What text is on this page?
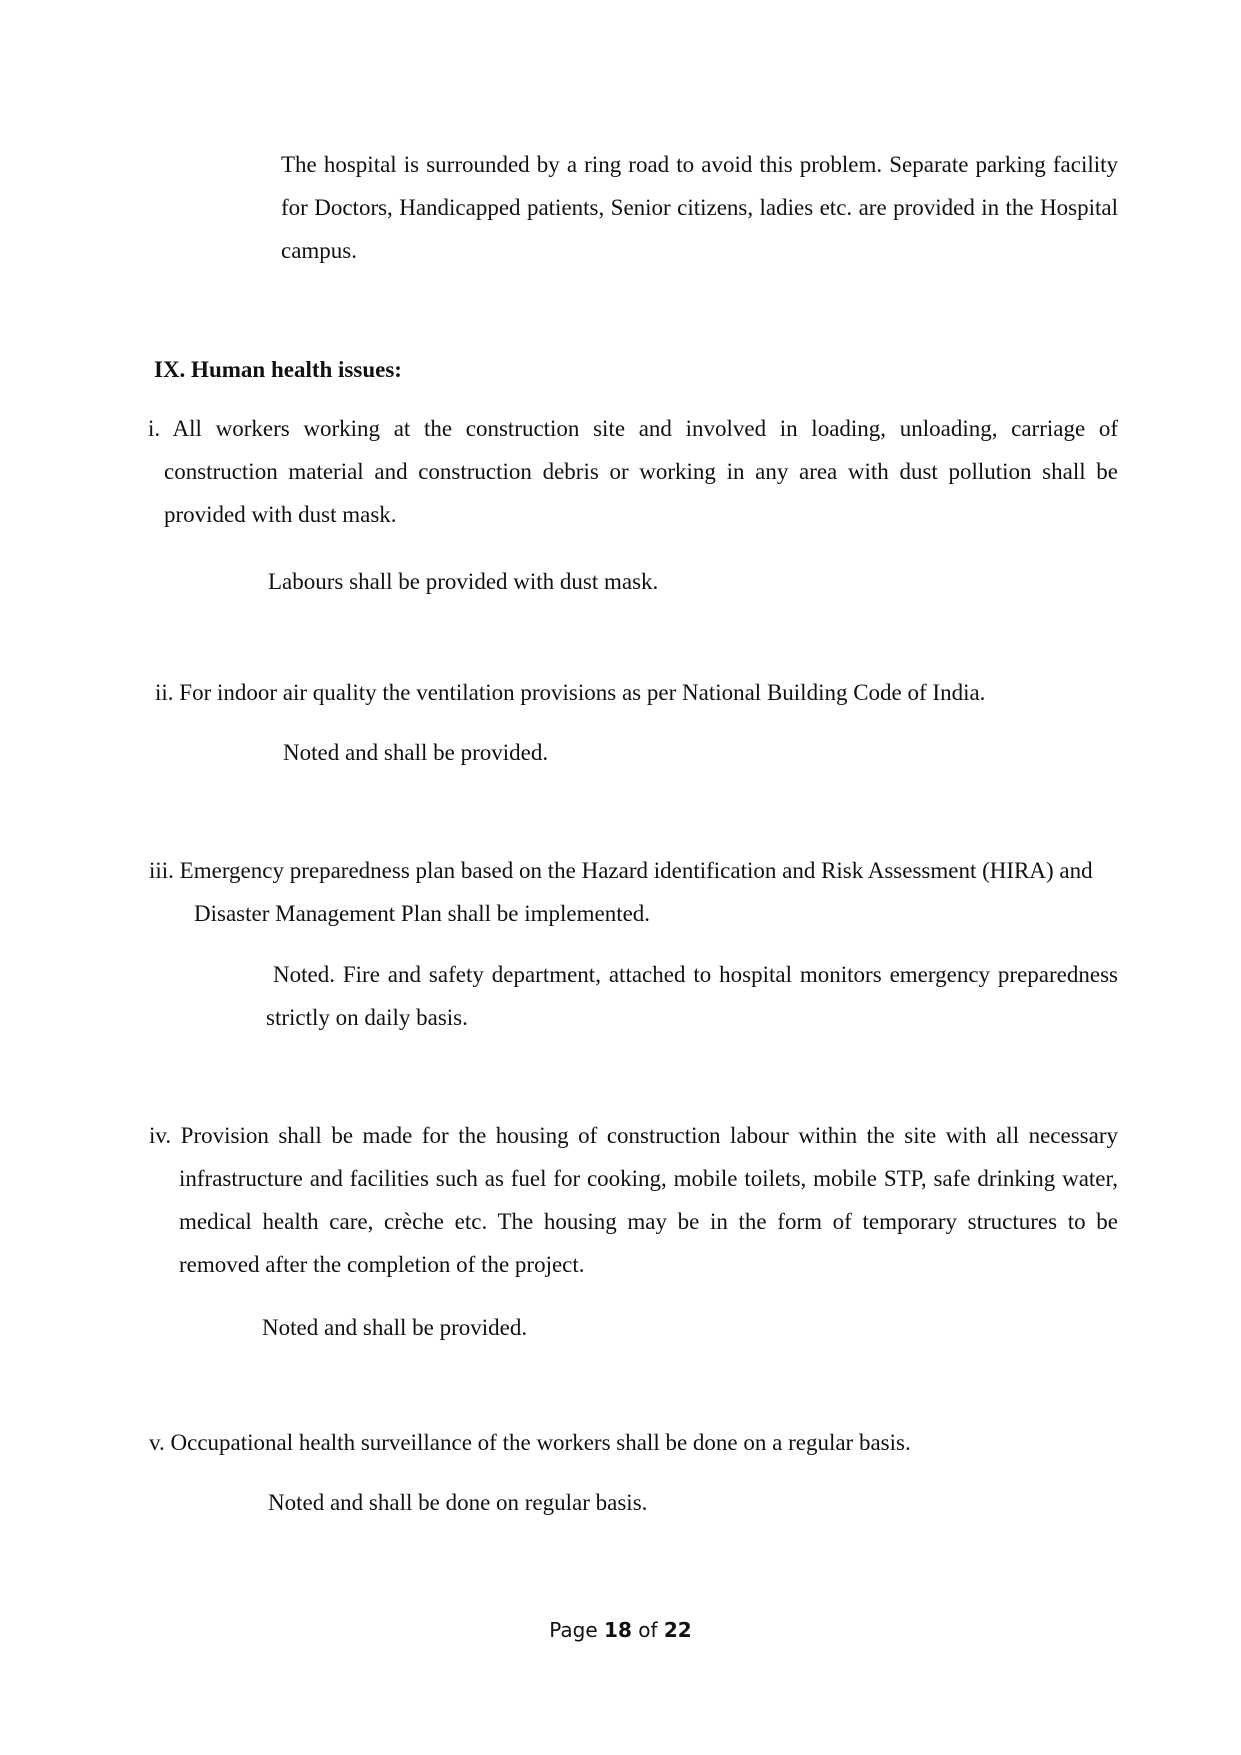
The hospital is surrounded by a ring road to avoid this problem. Separate parking facility for Doctors, Handicapped patients, Senior citizens, ladies etc. are provided in the Hospital campus.

IX. Human health issues:

i. All workers working at the construction site and involved in loading, unloading, carriage of construction material and construction debris or working in any area with dust pollution shall be provided with dust mask.

Labours shall be provided with dust mask.

ii. For indoor air quality the ventilation provisions as per National Building Code of India.

Noted and shall be provided.

iii. Emergency preparedness plan based on the Hazard identification and Risk Assessment (HIRA) and Disaster Management Plan shall be implemented.

Noted. Fire and safety department, attached to hospital monitors emergency preparedness strictly on daily basis.

iv. Provision shall be made for the housing of construction labour within the site with all necessary infrastructure and facilities such as fuel for cooking, mobile toilets, mobile STP, safe drinking water, medical health care, crèche etc. The housing may be in the form of temporary structures to be removed after the completion of the project.

Noted and shall be provided.

v. Occupational health surveillance of the workers shall be done on a regular basis.

Noted and shall be done on regular basis.

Page 18 of 22
